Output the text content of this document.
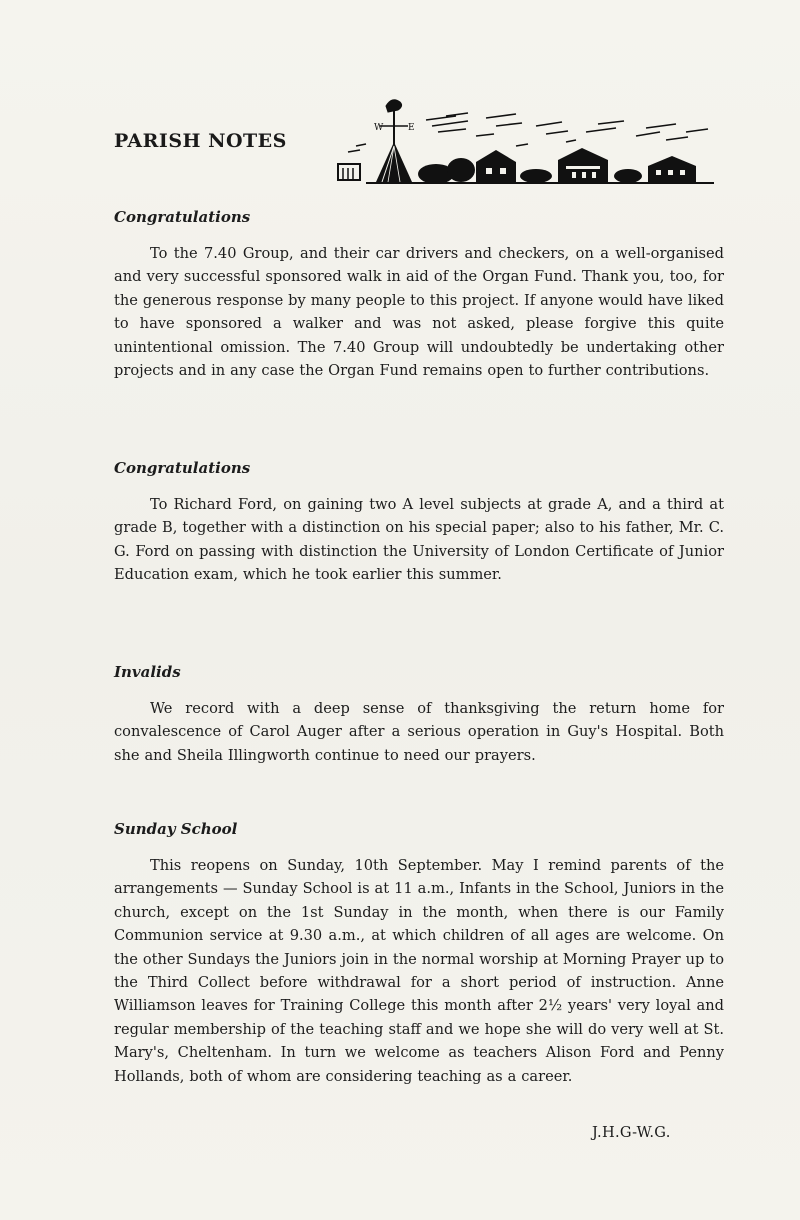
PARISH NOTES
W	E
Congratulations

To the 7.40 Group, and their car drivers and checkers, on a well-organised and very successful sponsored walk in aid of the Organ Fund. Thank you, too, for the generous response by many people to this project. If anyone would have liked to have sponsored a walker and was not asked, please forgive this quite unintentional omission. The 7.40 Group will undoubtedly be undertaking other projects and in any case the Organ Fund remains open to further contributions.

Congratulations

To Richard Ford, on gaining two A level subjects at grade A, and a third at grade B, together with a distinction on his special paper; also to his father, Mr. C. G. Ford on passing with distinction the University of London Certificate of Junior Education exam, which he took earlier this summer.

Invalids

We record with a deep sense of thanksgiving the return home for convalescence of Carol Auger after a serious operation in Guy's Hospital. Both she and Sheila Illingworth continue to need our prayers.

Sunday School

This reopens on Sunday, 10th September. May I remind parents of the arrangements — Sunday School is at 11 a.m., Infants in the School, Juniors in the church, except on the 1st Sunday in the month, when there is our Family Communion service at 9.30 a.m., at which children of all ages are welcome. On the other Sundays the Juniors join in the normal worship at Morning Prayer up to the Third Collect before withdrawal for a short period of instruction. Anne Williamson leaves for Training College this month after 2½ years' very loyal and regular membership of the teaching staff and we hope she will do very well at St. Mary's, Cheltenham. In turn we welcome as teachers Alison Ford and Penny Hollands, both of whom are considering teaching as a career.

J.H.G-W.G.
